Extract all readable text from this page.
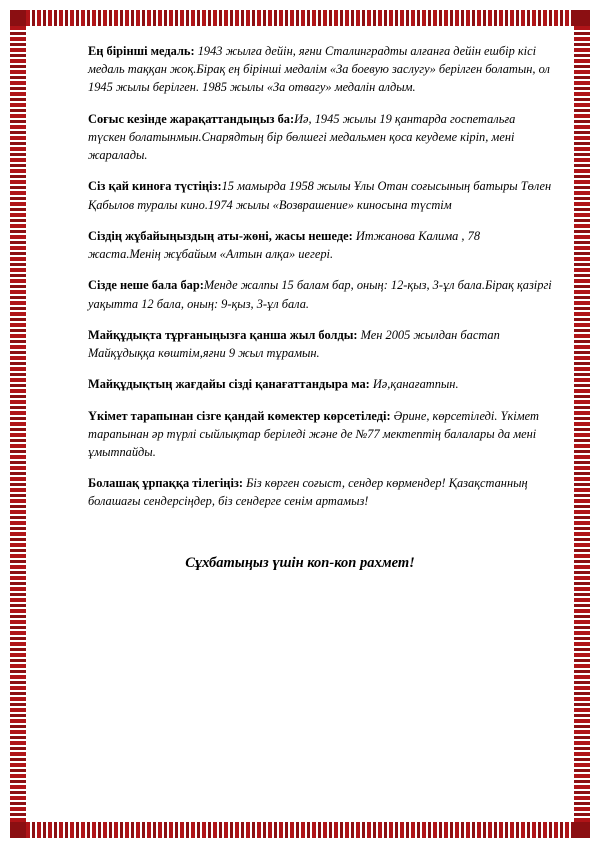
Ең бірінші медаль: 1943 жылға дейін, яғни Сталинградты алғанға дейін ешбір кісі медаль таққан жоқ.Бірақ ең бірінші медалім «За боевую заслугу» берілген болатын, ол 1945 жылы берілген. 1985 жылы «За отвагу» медалін алдым.

Соғыс кезінде жарақаттандыңыз ба:Иә, 1945 жылы 19 қантарда госпетальға түскен болатынмын.Снарядтың бір бөлшегі медальмен қоса кеудеме кіріп, мені жаралады.

Сіз қай киноға түстіңіз:15 мамырда 1958 жылы Ұлы Отан соғысының батыры Төлен Қабылов туралы кино.1974 жылы «Возврашение» киносына түстім

Сіздің жұбайыңыздың аты-жөні, жасы нешеде: Итжанова Калима , 78 жаста.Менің жұбайым «Алтын алқа» иегері.

Сізде неше бала бар:Менде жалпы 15 балам бар, оның: 12-қыз, 3-ұл бала.Бірақ қазіргі уақытта 12 бала, оның: 9-қыз, 3-ұл бала.

Майқұдықта тұрғаныңызға қанша жыл болды: Мен 2005 жылдан бастап Майқұдыққа көштім,яғни 9 жыл тұрамын.

Майқұдықтың жағдайы сізді қанағаттандыра ма: Иә,қанағатпын.

Үкімет тарапынан сізге қандай көмектер көрсетіледі: Әрине, көрсетіледі. Үкімет тарапынан әр түрлі сыйлықтар беріледі және де №77 мектептің балалары да мені ұмытпайды.

Болашақ ұрпаққа тілегіңіз: Біз көрген соғыст, сендер көрмендер! Қазақстанның болашағы сендерсіңдер, біз сендерге сенім артамыз!

Сұхбатыңыз үшін коп-коп рахмет!
